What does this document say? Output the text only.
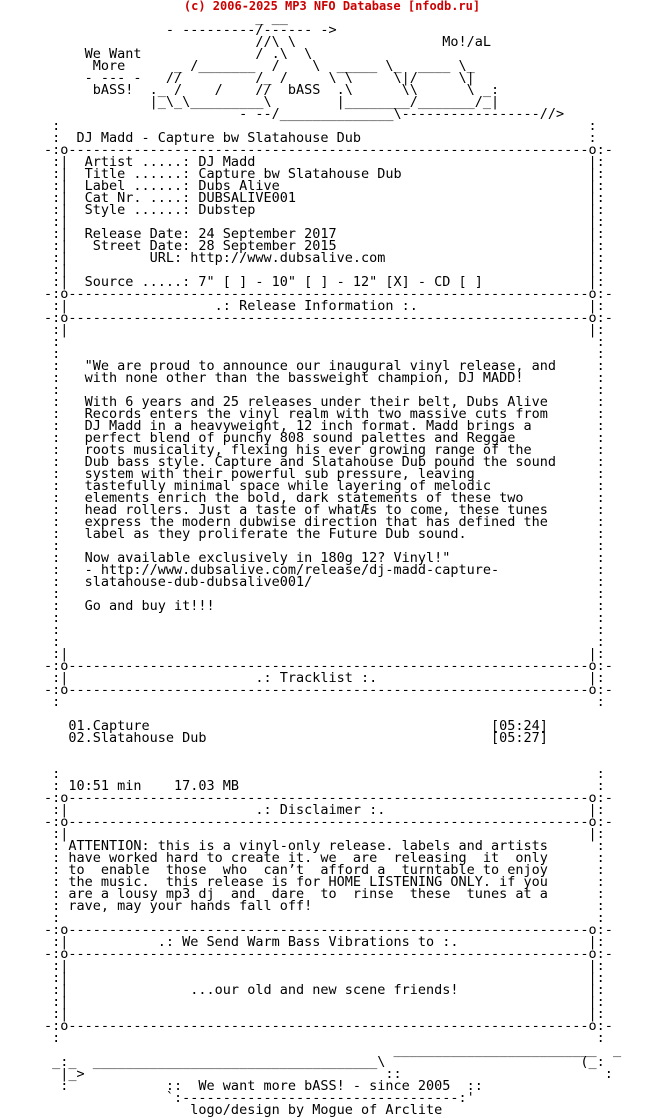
(c) 2006-2025 MP3 NFO Database [nfodb.ru]
_ __
- ---------/------ ->
//\ \                  Mo!/aL
We Want              / .\  \
More      _ /_______  /    \  _____ \_  ____ \_
- --- -   //         /_ /     \ \     \|/     \|
bASS!  ._ /    /    //  bASS  .\      \\      \ _:
|_\_\_________\        |________/_______/_|
- --/______________\-----------------//>
:                                                                 :
:  DJ Madd - Capture bw Slatahouse Dub                            :
-:o----------------------------------------------------------------o:-
:|  Artist .....: DJ Madd                                         |:
:|  Title ......: Capture bw Slatahouse Dub                       |:
:|  Label ......: Dubs Alive                                      |:
:|  Cat Nr. ....: DUBSALIVE001                                    |:
:|  Style ......: Dubstep                                         |:
:|                                                                |:
:|  Release Date: 24 September 2017                               |:
:|   Street Date: 28 September 2015                               |:
:|          URL: http://www.dubsalive.com                         |:
:|                                                                |:
:|  Source .....: 7" [ ] - 10" [ ] - 12" [X] - CD [ ]             |:
-:o----------------------------------------------------------------o:-
:|                  .: Release Information :.                     |:
-:o----------------------------------------------------------------o:-
:|                                                                |:
:                                                                  :
:                                                                  :
:   "We are proud to announce our inaugural vinyl release, and     :
:   with none other than the bassweight champion, DJ MADD!         :
:                                                                  :
:   With 6 years and 25 releases under their belt, Dubs Alive      :
:   Records enters the vinyl realm with two massive cuts from      :
:   DJ Madd in a heavyweight, 12 inch format. Madd brings a        :
:   perfect blend of punchy 808 sound palettes and Reggae          :
:   roots musicality, flexing his ever growing range of the        :
:   Dub bass style. Capture and Slatahouse Dub pound the sound     :
:   system with their powerful sub pressure, leaving               :
:   tastefully minimal space while layering of melodic             :
:   elements enrich the bold, dark statements of these two         :
:   head rollers. Just a taste of whatÆs to come, these tunes      :
:   express the modern dubwise direction that has defined the      :
:   label as they proliferate the Future Dub sound.                :
:                                                                  :
:   Now available exclusively in 180g 12? Vinyl!"                  :
:   - http://www.dubsalive.com/release/dj-madd-capture-            :
:   slatahouse-dub-dubsalive001/                                   :
:                                                                  :
:   Go and buy it!!!                                               :
:                                                                  :
:                                                                  :
:                                                                  :
:|                                                                |:
-:o----------------------------------------------------------------o:-
:|                       .: Tracklist :.                          |:
-:o----------------------------------------------------------------o:-
:                                                                  :
01.Capture                                          [05:24]
02.Slatahouse Dub                                   [05:27]
:                                                                  :
: 10:51 min    17.03 MB                                            :
-:o----------------------------------------------------------------o:-
:|                       .: Disclaimer :.                         |:
-:o----------------------------------------------------------------o:-
:|                                                                |:
: ATTENTION: this is a vinyl-only release. labels and artists      :
: have worked hard to create it. we  are  releasing  it  only      :
: to  enable  those  who  can’t  afford a  turntable to enjoy      :
: the music.  this release is for HOME LISTENING ONLY. if you      :
: are a lousy mp3 dj  and  dare  to  rinse  these  tunes at a      :
: rave, may your hands fall off!                                   :
:                                                                  :
-:o----------------------------------------------------------------o:-
:|           .: We Send Warm Bass Vibrations to :.                |:
-:o----------------------------------------------------------------o:-
:|                                                                |:
:|                                                                |:
:|               ...our old and new scene friends!                |:
:|                                                                |:
:|                                                                |:
-:o----------------------------------------------------------------o:-
:                                                                  :
_________________________  _
_:_  ___________________________________\                        (_:
|_>                                     ::                         :
:            ::  We want more bASS! - since 2005  ::
`:----------------------------------:'
logo/design by Mogue of Arclite
